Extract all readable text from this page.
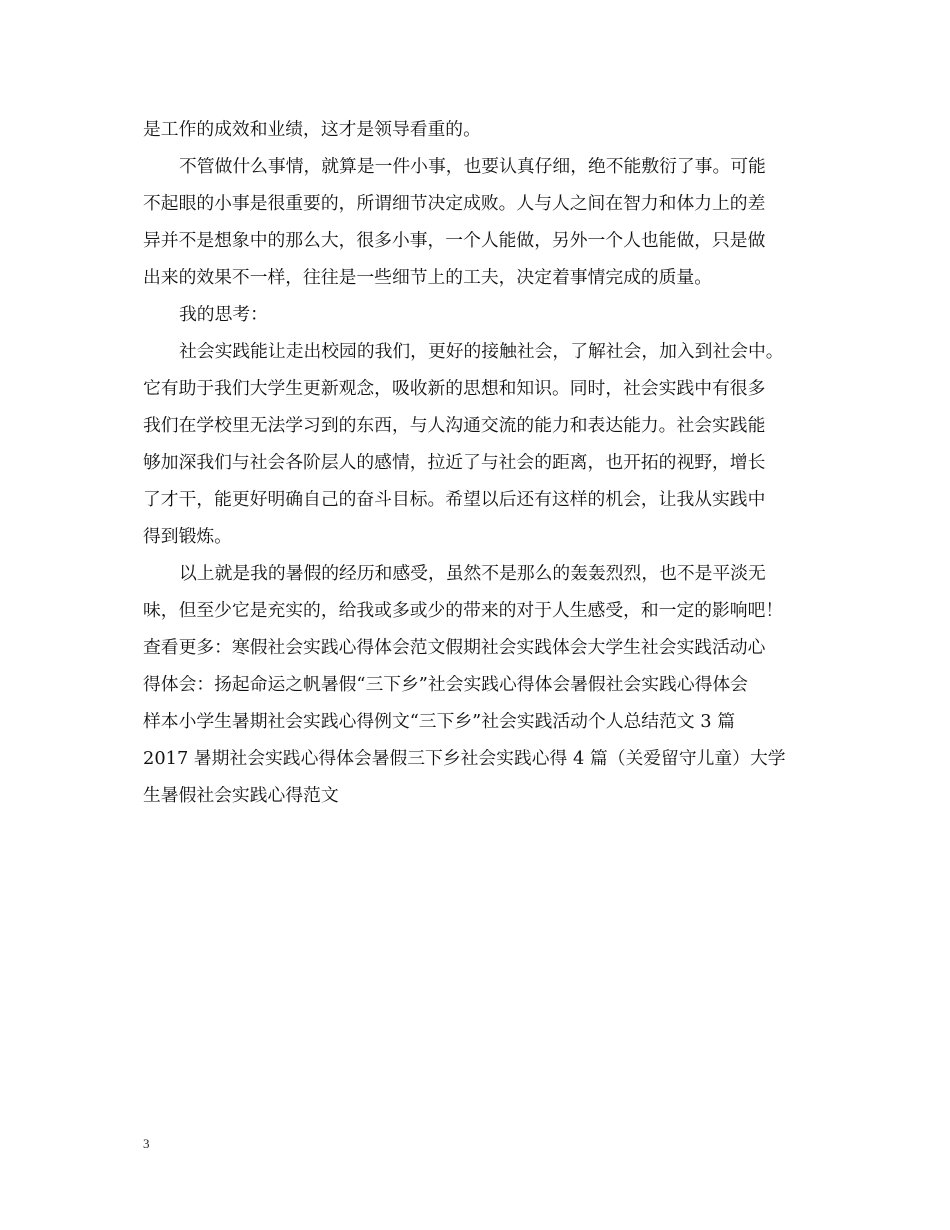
是工作的成效和业绩，这才是领导看重的。
不管做什么事情，就算是一件小事，也要认真仔细，绝不能敷衍了事。可能
不起眼的小事是很重要的，所谓细节决定成败。人与人之间在智力和体力上的差
异并不是想象中的那么大，很多小事，一个人能做，另外一个人也能做，只是做
出来的效果不一样，往往是一些细节上的工夫，决定着事情完成的质量。
我的思考：
社会实践能让走出校园的我们，更好的接触社会，了解社会，加入到社会中。
它有助于我们大学生更新观念，吸收新的思想和知识。同时，社会实践中有很多
我们在学校里无法学习到的东西，与人沟通交流的能力和表达能力。社会实践能
够加深我们与社会各阶层人的感情，拉近了与社会的距离，也开拓的视野，增长
了才干，能更好明确自己的奋斗目标。希望以后还有这样的机会，让我从实践中
得到锻炼。
以上就是我的暑假的经历和感受，虽然不是那么的轰轰烈烈，也不是平淡无
味，但至少它是充实的，给我或多或少的带来的对于人生感受，和一定的影响吧！
查看更多：寒假社会实践心得体会范文假期社会实践体会大学生社会实践活动心
得体会：扬起命运之帆暑假“三下乡”社会实践心得体会暑假社会实践心得体会
样本小学生暑期社会实践心得例文“三下乡”社会实践活动个人总结范文 3 篇
2017 暑期社会实践心得体会暑假三下乡社会实践心得 4 篇（关爱留守儿童）大学
生暑假社会实践心得范文
3
